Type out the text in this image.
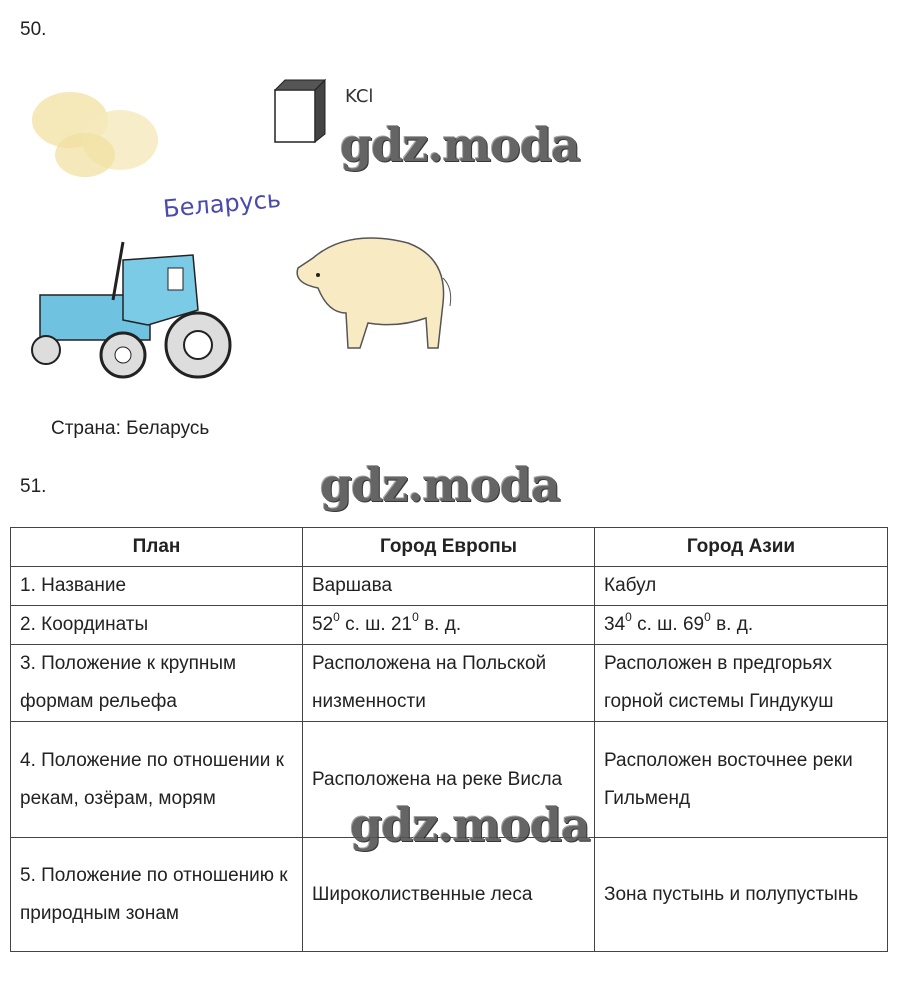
50.
KCl
gdz.moda
Беларусь
Страна: Беларусь
51.	gdz.moda
План	Город Европы	Город Азии
1. Название	Варшава	Кабул
2. Координаты	$52^0$ с. ш. $21^0$ в. д.	$34^0$ с. ш. $69^0$ в. д.
3. Положение к крупным формам рельефа	Расположена на Польской низменности	Расположен в предгорьях горной системы Гиндукуш
4. Положение по отношении к рекам, озёрам, морям	Расположена на реке Висла	Расположен восточнее реки Гильменд
5. Положение по отношению к природным зонам	Широколиственные леса	Зона пустынь и полупустынь
gdz.moda
